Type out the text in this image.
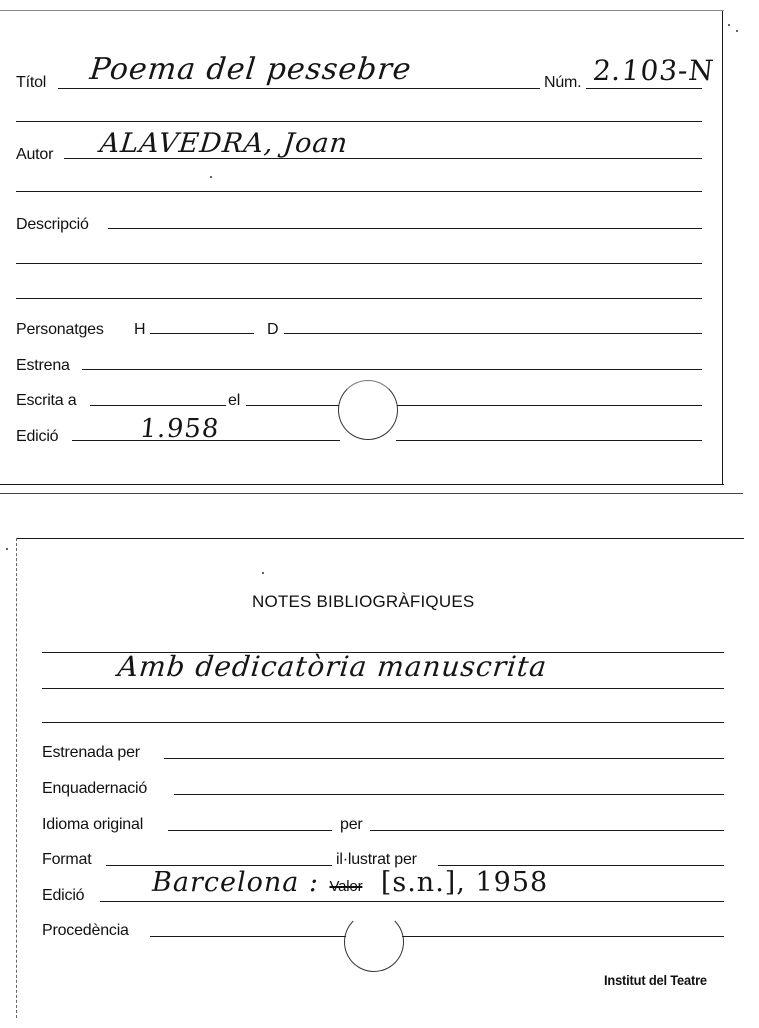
Títol Poema del pessebre	Núm. 2.103-N
Autor ALAVEDRA, Joan
Descripció
Personatges H	D
Estrena
Escrita a	el
Edició	1.958
NOTES BIBLIOGRÀFIQUES
Amb dedicatòria manuscrita
Estrenada per
Enquadernació
Idioma original	per
Format	il·lustrat per
Edició	Barcelona : Valor [s.n.], 1958
Procedència
Institut del Teatre
